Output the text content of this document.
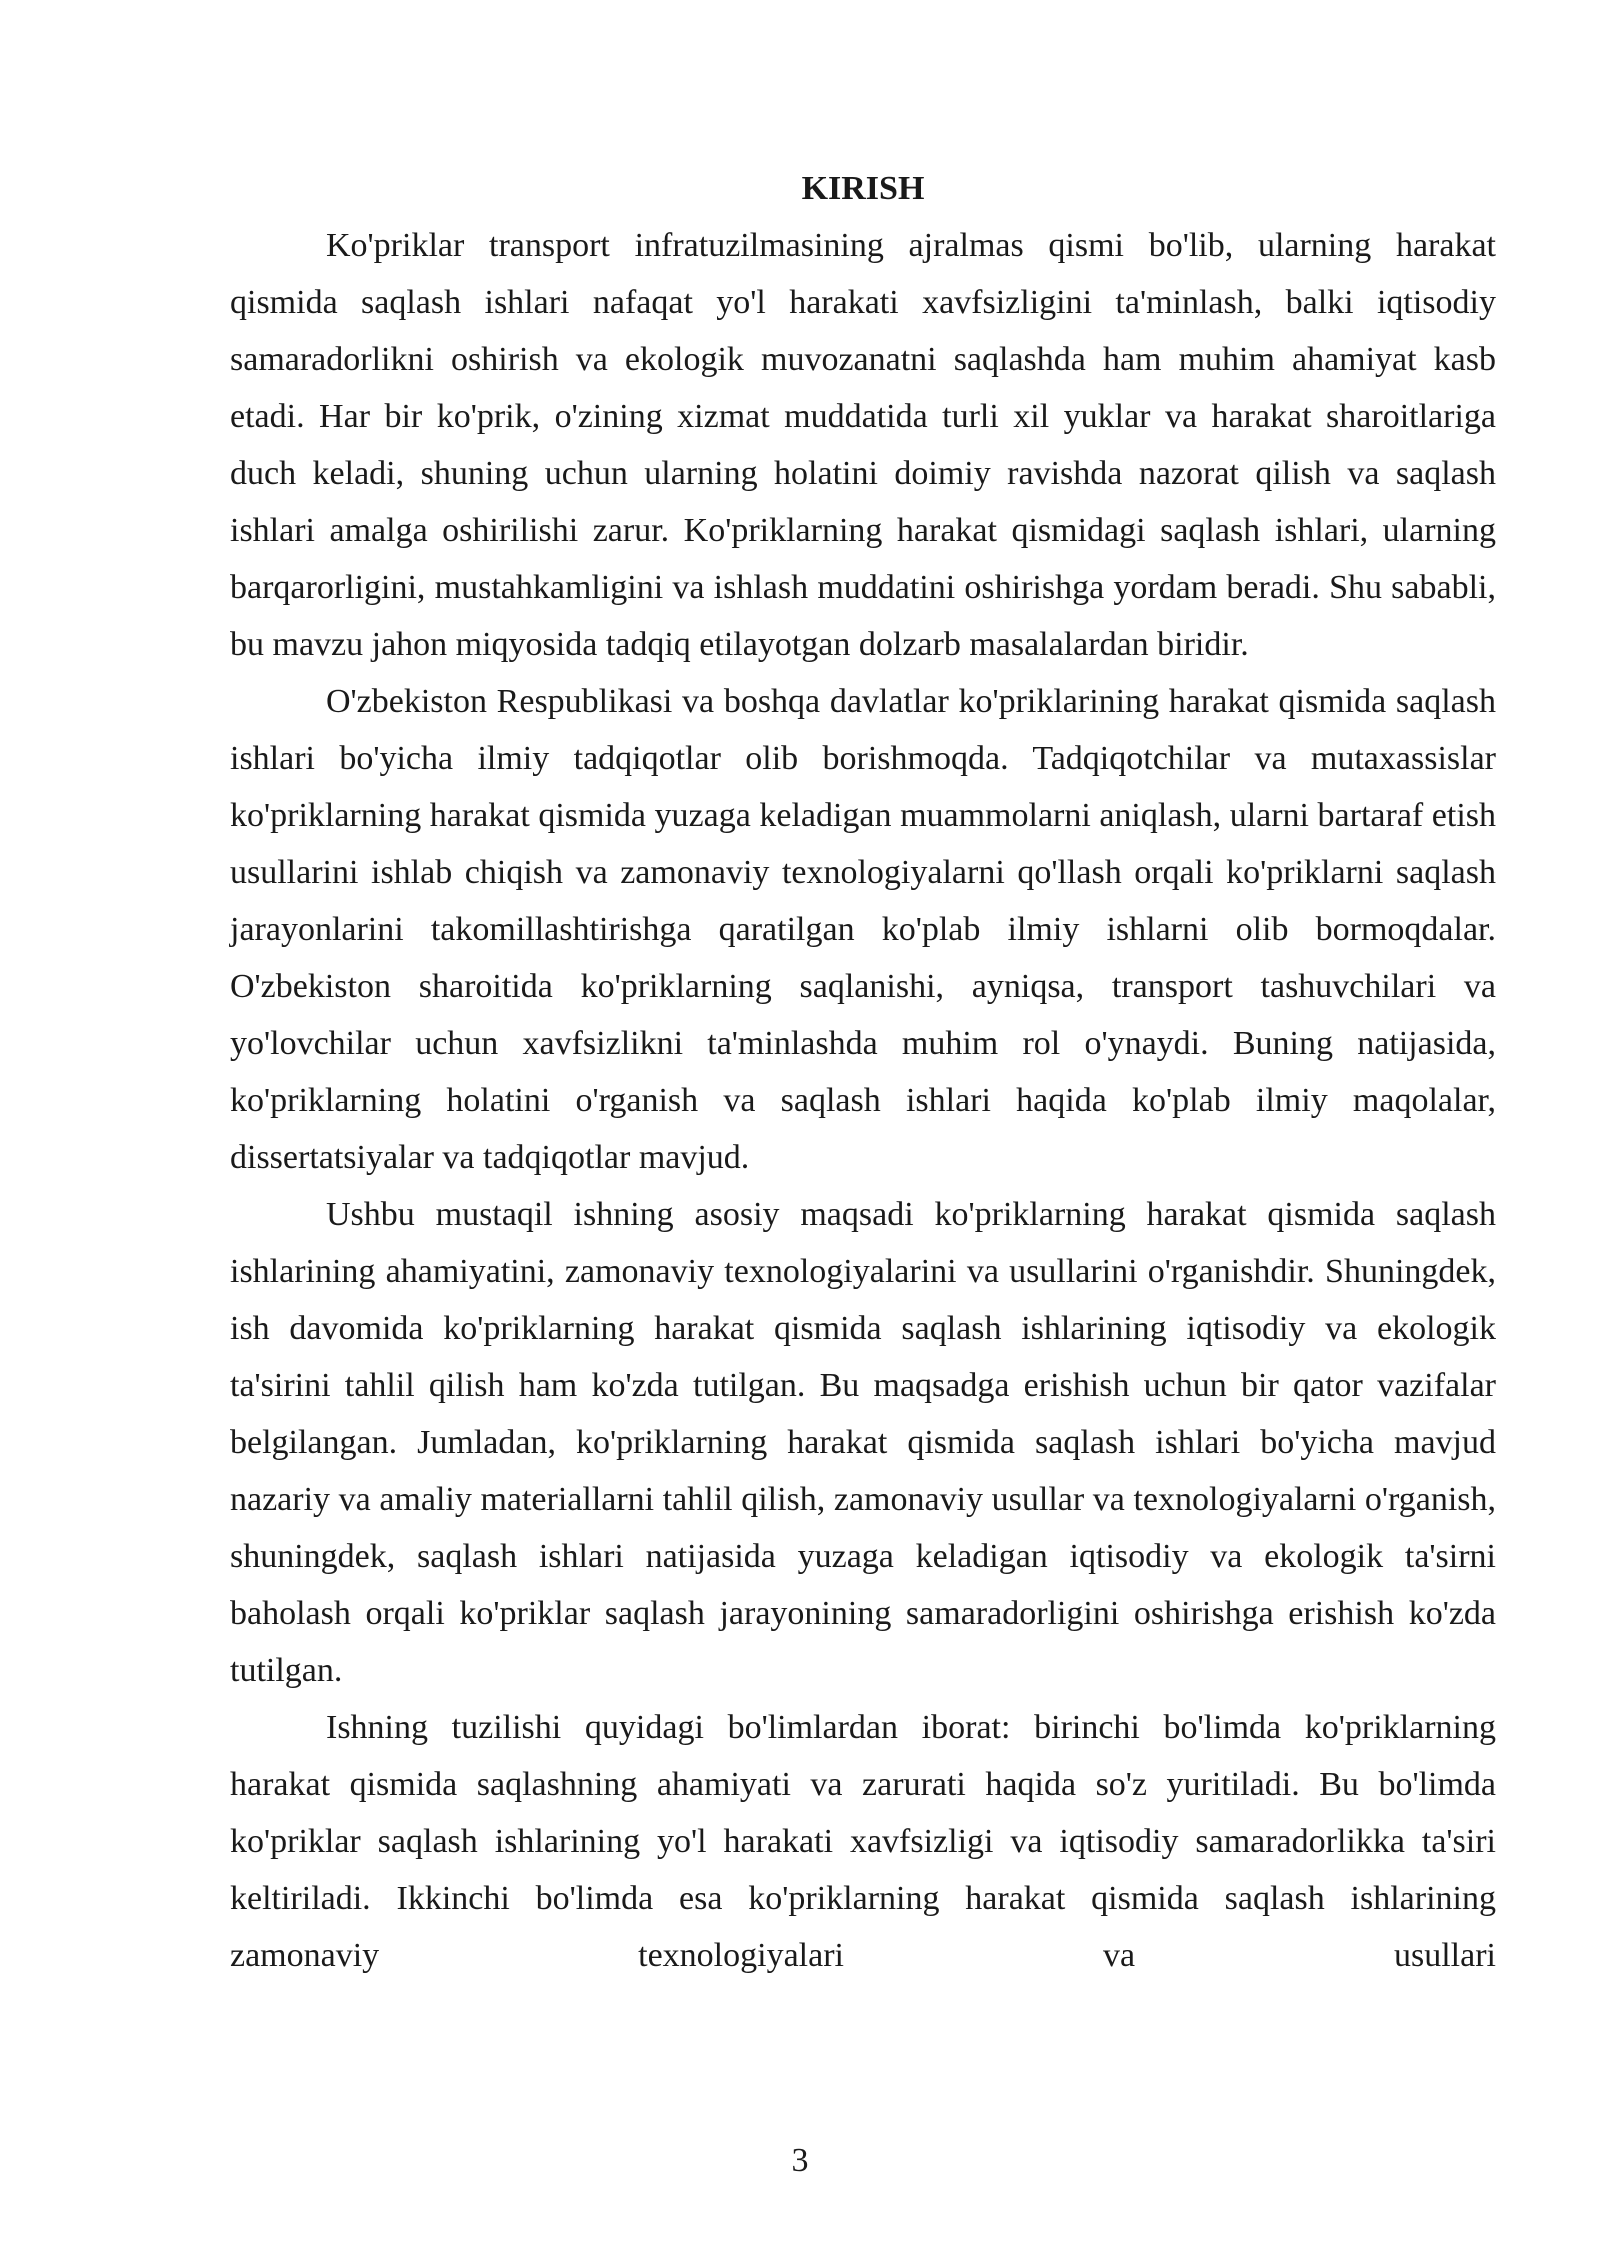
KIRISH

Ko'priklar transport infratuzilmasining ajralmas qismi bo'lib, ularning harakat qismida saqlash ishlari nafaqat yo'l harakati xavfsizligini ta'minlash, balki iqtisodiy samaradorlikni oshirish va ekologik muvozanatni saqlashda ham muhim ahamiyat kasb etadi. Har bir ko'prik, o'zining xizmat muddatida turli xil yuklar va harakat sharoitlariga duch keladi, shuning uchun ularning holatini doimiy ravishda nazorat qilish va saqlash ishlari amalga oshirilishi zarur. Ko'priklarning harakat qismidagi saqlash ishlari, ularning barqarorligini, mustahkamligini va ishlash muddatini oshirishga yordam beradi. Shu sababli, bu mavzu jahon miqyosida tadqiq etilayotgan dolzarb masalalardan biridir.

O'zbekiston Respublikasi va boshqa davlatlar ko'priklarining harakat qismida saqlash ishlari bo'yicha ilmiy tadqiqotlar olib borishmoqda. Tadqiqotchilar va mutaxassislar ko'priklarning harakat qismida yuzaga keladigan muammolarni aniqlash, ularni bartaraf etish usullarini ishlab chiqish va zamonaviy texnologiyalarni qo'llash orqali ko'priklarni saqlash jarayonlarini takomillashtirishga qaratilgan ko'plab ilmiy ishlarni olib bormoqdalar. O'zbekiston sharoitida ko'priklarning saqlanishi, ayniqsa, transport tashuvchilari va yo'lovchilar uchun xavfsizlikni ta'minlashda muhim rol o'ynaydi. Buning natijasida, ko'priklarning holatini o'rganish va saqlash ishlari haqida ko'plab ilmiy maqolalar, dissertatsiyalar va tadqiqotlar mavjud.

Ushbu mustaqil ishning asosiy maqsadi ko'priklarning harakat qismida saqlash ishlarining ahamiyatini, zamonaviy texnologiyalarini va usullarini o'rganishdir. Shuningdek, ish davomida ko'priklarning harakat qismida saqlash ishlarining iqtisodiy va ekologik ta'sirini tahlil qilish ham ko'zda tutilgan. Bu maqsadga erishish uchun bir qator vazifalar belgilangan. Jumladan, ko'priklarning harakat qismida saqlash ishlari bo'yicha mavjud nazariy va amaliy materiallarni tahlil qilish, zamonaviy usullar va texnologiyalarni o'rganish, shuningdek, saqlash ishlari natijasida yuzaga keladigan iqtisodiy va ekologik ta'sirni baholash orqali ko'priklar saqlash jarayonining samaradorligini oshirishga erishish ko'zda tutilgan.

Ishning tuzilishi quyidagi bo'limlardan iborat: birinchi bo'limda ko'priklarning harakat qismida saqlashning ahamiyati va zarurati haqida so'z yuritiladi. Bu bo'limda ko'priklar saqlash ishlarining yo'l harakati xavfsizligi va iqtisodiy samaradorlikka ta'siri keltiriladi. Ikkinchi bo'limda esa ko'priklarning harakat qismida saqlash ishlarining zamonaviy texnologiyalari va usullari

3
